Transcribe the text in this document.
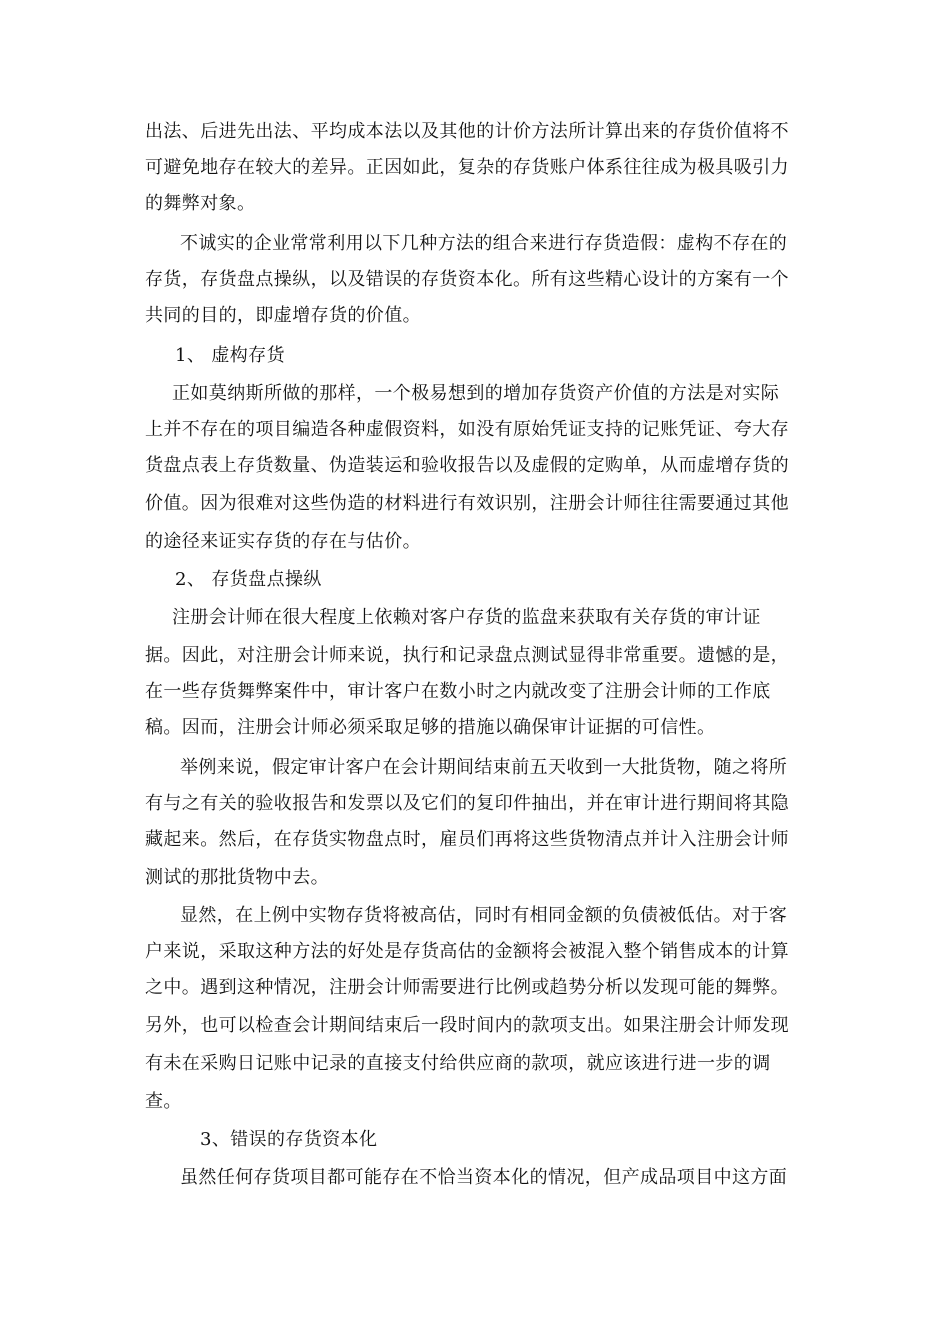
出法、后进先出法、平均成本法以及其他的计价方法所计算出来的存货价值将不
可避免地存在较大的差异。正因如此，复杂的存货账户体系往往成为极具吸引力
的舞弊对象。
不诚实的企业常常利用以下几种方法的组合来进行存货造假：虚构不存在的
存货，存货盘点操纵，以及错误的存货资本化。所有这些精心设计的方案有一个
共同的目的，即虚增存货的价值。
1、 虚构存货
正如莫纳斯所做的那样，一个极易想到的增加存货资产价值的方法是对实际
上并不存在的项目编造各种虚假资料，如没有原始凭证支持的记账凭证、夸大存
货盘点表上存货数量、伪造装运和验收报告以及虚假的定购单，从而虚增存货的
价值。因为很难对这些伪造的材料进行有效识别，注册会计师往往需要通过其他
的途径来证实存货的存在与估价。
2、 存货盘点操纵
注册会计师在很大程度上依赖对客户存货的监盘来获取有关存货的审计证
据。因此，对注册会计师来说，执行和记录盘点测试显得非常重要。遗憾的是，
在一些存货舞弊案件中，审计客户在数小时之内就改变了注册会计师的工作底
稿。因而，注册会计师必须采取足够的措施以确保审计证据的可信性。
举例来说，假定审计客户在会计期间结束前五天收到一大批货物，随之将所
有与之有关的验收报告和发票以及它们的复印件抽出，并在审计进行期间将其隐
藏起来。然后，在存货实物盘点时，雇员们再将这些货物清点并计入注册会计师
测试的那批货物中去。
显然，在上例中实物存货将被高估，同时有相同金额的负债被低估。对于客
户来说，采取这种方法的好处是存货高估的金额将会被混入整个销售成本的计算
之中。遇到这种情况，注册会计师需要进行比例或趋势分析以发现可能的舞弊。
另外，也可以检查会计期间结束后一段时间内的款项支出。如果注册会计师发现
有未在采购日记账中记录的直接支付给供应商的款项，就应该进行进一步的调
查。
3、错误的存货资本化
虽然任何存货项目都可能存在不恰当资本化的情况，但产成品项目中这方面
